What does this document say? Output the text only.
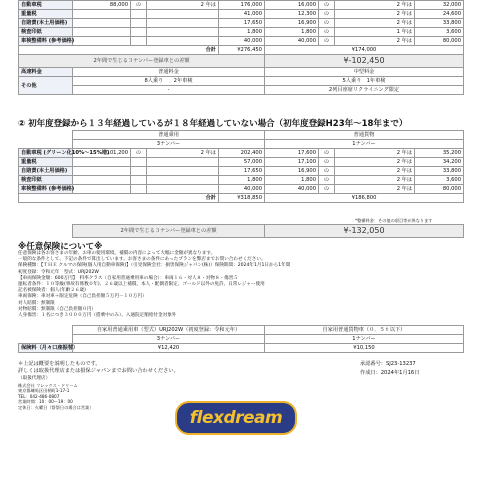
自動車税	88,000	の	2 年は	176,000	16,000	の	2 年は	32,000
重量税				41,000	12,300	の	2 年は	24,600
自賠責(本土用価格)				17,650	16,900	の	2 年は	33,800
検査印紙				1,800	1,800	の	1 年は	3,600
車検整備料 (参考価格)				40,000	40,000	の	2 年は	80,000
合計				¥276,450	¥174,000			
2年間で生じる３ナンバー登録車との差額					¥-102,450			
高速料金	普通料金				中型料金			
その他	8人乗り　　2年車検				5人乗り　1年車検			
	-				2列目座席リクライニング限定			
② 初年度登録から１３年経過しているが１８年経過していない場合（初年度登録H23年〜18年まで）
	普通乗用				普通貨物			
	3ナンバー				1ナンバー			
自動車税 (グリーン化10%～15%増)	101,200	の	2 年は	202,400	17,600	の	2 年は	35,200
重量税				57,000	17,100	の	2 年は	34,200
自賠責(本土用価格)				17,650	16,900	の	2 年は	33,800
検査印紙				1,800	1,800	の	2 年は	3,600
車検整備料 (参考価格)				40,000	40,000	の	2 年は	80,000
合計				¥318,850	¥186,800			
*整備料金：その他の項目等が異なります
2年間で生じる３ナンバー登録車との差額	¥-132,050
※任意保険について※
任意保険は各お客さまの年齢、お車の使用環境、補償の内容によって大幅に金額が異なります。
一般的な条件として、下記の条件で算出しています。お客さまの条件にあったプランを弊店までお問い合わせください。
保険種類：【ＴＨＥ クルマの保険(個人用自動車保険)】（引受保険会社：損害保険ジャパン(株)）保険期間：2024年1月1日から1年間
初度登録：令和元年　型式：URJ202W
【車両保険金額：600万円】　料率クラス（自家用普通乗用車の場合）：車両１６・対人８・対物８・傷害５
運転者条件：１０等級(事故有係数０年)、２６歳以上補償、本人・配偶者限定、ゴールド以外の免許、日常レジャー使用
記名被保険者：個人(年齢２６歳)
車両保険：車対車＋限定危険（自己負担額５万円－１０万円）
対人賠償：無制限
対物賠償：無制限（自己負担額０円）
人身傷害：１名につき３０００万円（搭乗中のみ）、入通院定額給付金対象外
	自家用普通乗用車（型式）URJ202W（初度登録：令和元年）	自家用普通貨物車（０．５ｔ以下）
	3ナンバー	1ナンバー
保険料（月々口座振替）	¥12,420	¥10,150
＊上記は概要を説明したものです。
詳しくは取扱代理店または損保ジャパンまでお問い合わせください。
（取扱代理店）
株式会社 フレックス・ドリーム
東京都練馬区田柄町1-17-1
TEL：042-486-0807
営業時間：10：00～19：00
定休日：火曜日（祭祭日の場合は営業）
承認番号：SJ23-13237
作成日：2024年1月16日
flexdream
